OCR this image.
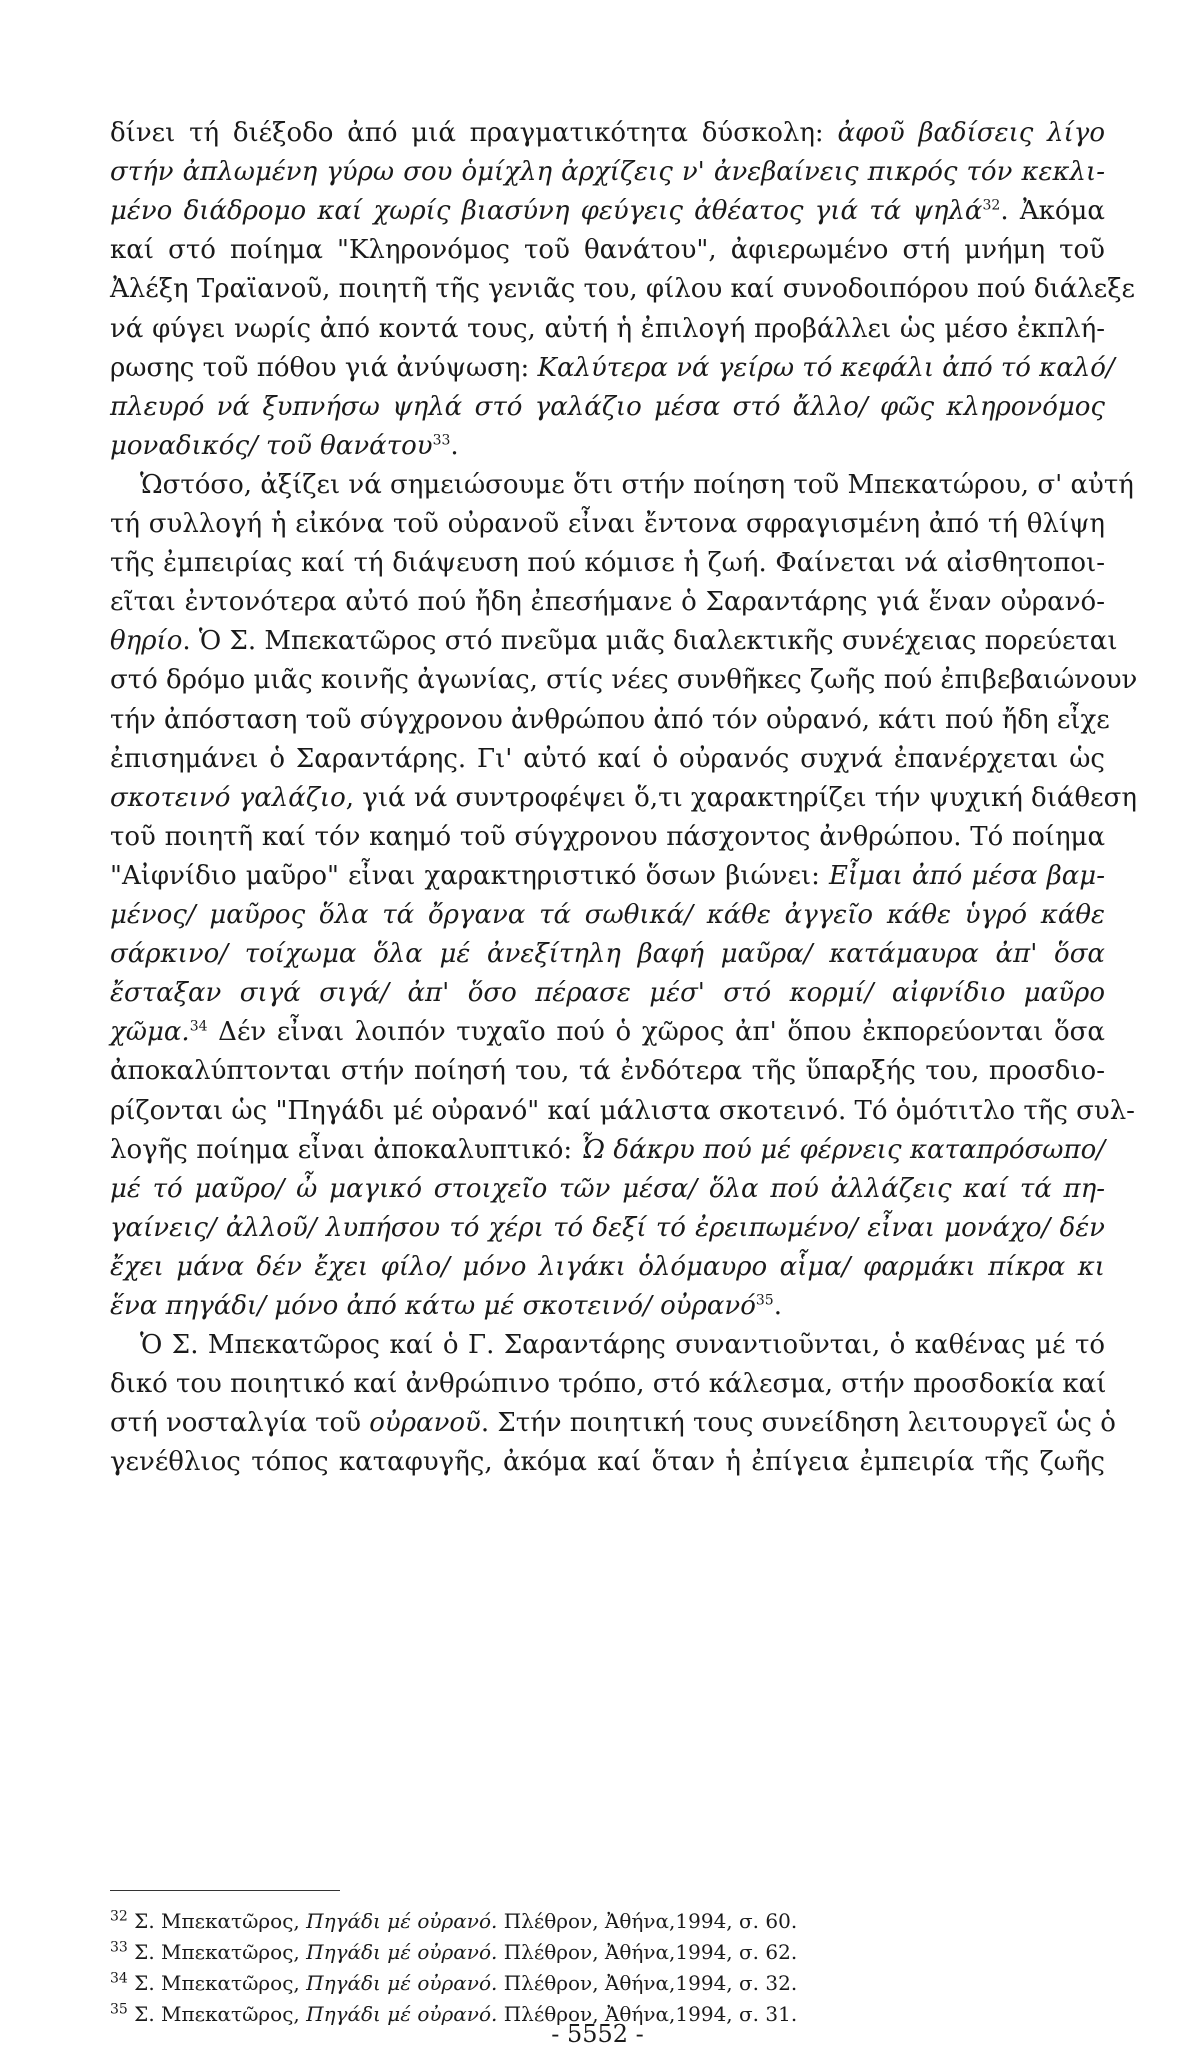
δίνει τή διέξοδο ἀπό μιά πραγματικότητα δύσκολη: ἀφοῦ βαδίσεις λίγο
στήν ἀπλωμένη γύρω σου ὁμίχλη ἀρχίζεις ν' ἀνεβαίνεις πικρός τόν κεκλι-
μένο διάδρομο καί χωρίς βιασύνη φεύγεις ἀθέατος γιά τά ψηλά$^{32}$. Ἀκόμα
καί στό ποίημα "Κληρονόμος τοῦ θανάτου", ἀφιερωμένο στή μνήμη τοῦ
Ἀλέξη Τραϊανοῦ, ποιητῆ τῆς γενιᾶς του, φίλου καί συνοδοιπόρου πού διάλεξε
νά φύγει νωρίς ἀπό κοντά τους, αὐτή ἡ ἐπιλογή προβάλλει ὡς μέσο ἐκπλή-
ρωσης τοῦ πόθου γιά ἀνύψωση: Καλύτερα νά γείρω τό κεφάλι ἀπό τό καλό/
πλευρό νά ξυπνήσω ψηλά στό γαλάζιο μέσα στό ἄλλο/ φῶς κληρονόμος
μοναδικός/ τοῦ θανάτου$^{33}$.
Ὡστόσο, ἀξίζει νά σημειώσουμε ὅτι στήν ποίηση τοῦ Μπεκατώρου, σ' αὐτή
τή συλλογή ἡ εἰκόνα τοῦ οὐρανοῦ εἶναι ἔντονα σφραγισμένη ἀπό τή θλίψη
τῆς ἐμπειρίας καί τή διάψευση πού κόμισε ἡ ζωή. Φαίνεται νά αἰσθητοποι-
εῖται ἐντονότερα αὐτό πού ἤδη ἐπεσήμανε ὁ Σαραντάρης γιά ἕναν οὐρανό-
θηρίο. Ὁ Σ. Μπεκατῶρος στό πνεῦμα μιᾶς διαλεκτικῆς συνέχειας πορεύεται
στό δρόμο μιᾶς κοινῆς ἀγωνίας, στίς νέες συνθῆκες ζωῆς πού ἐπιβεβαιώνουν
τήν ἀπόσταση τοῦ σύγχρονου ἀνθρώπου ἀπό τόν οὐρανό, κάτι πού ἤδη εἶχε
ἐπισημάνει ὁ Σαραντάρης. Γι' αὐτό καί ὁ οὐρανός συχνά ἐπανέρχεται ὡς
σκοτεινό γαλάζιο, γιά νά συντροφέψει ὅ,τι χαρακτηρίζει τήν ψυχική διάθεση
τοῦ ποιητῆ καί τόν καημό τοῦ σύγχρονου πάσχοντος ἀνθρώπου. Τό ποίημα
"Αἰφνίδιο μαῦρο" εἶναι χαρακτηριστικό ὅσων βιώνει: Εἶμαι ἀπό μέσα βαμ-
μένος/ μαῦρος ὅλα τά ὄργανα τά σωθικά/ κάθε ἀγγεῖο κάθε ὑγρό κάθε
σάρκινο/ τοίχωμα ὅλα μέ ἀνεξίτηλη βαφή μαῦρα/ κατάμαυρα ἀπ' ὅσα
ἔσταξαν σιγά σιγά/ ἀπ' ὅσο πέρασε μέσ' στό κορμί/ αἰφνίδιο μαῦρο
χῶμα.$^{34}$ Δέν εἶναι λοιπόν τυχαῖο πού ὁ χῶρος ἀπ' ὅπου ἐκπορεύονται ὅσα
ἀποκαλύπτονται στήν ποίησή του, τά ἐνδότερα τῆς ὕπαρξής του, προσδιο-
ρίζονται ὡς "Πηγάδι μέ οὐρανό" καί μάλιστα σκοτεινό. Τό ὁμότιτλο τῆς συλ-
λογῆς ποίημα εἶναι ἀποκαλυπτικό: Ὦ δάκρυ πού μέ φέρνεις καταπρόσωπο/
μέ τό μαῦρο/ ὦ μαγικό στοιχεῖο τῶν μέσα/ ὅλα πού ἀλλάζεις καί τά πη-
γαίνεις/ ἀλλοῦ/ λυπήσου τό χέρι τό δεξί τό ἐρειπωμένο/ εἶναι μονάχο/ δέν
ἔχει μάνα δέν ἔχει φίλο/ μόνο λιγάκι ὁλόμαυρο αἷμα/ φαρμάκι πίκρα κι
ἕνα πηγάδι/ μόνο ἀπό κάτω μέ σκοτεινό/ οὐρανό$^{35}$.
Ὁ Σ. Μπεκατῶρος καί ὁ Γ. Σαραντάρης συναντιοῦνται, ὁ καθένας μέ τό
δικό του ποιητικό καί ἀνθρώπινο τρόπο, στό κάλεσμα, στήν προσδοκία καί
στή νοσταλγία τοῦ οὐρανοῦ. Στήν ποιητική τους συνείδηση λειτουργεῖ ὡς ὁ
γενέθλιος τόπος καταφυγῆς, ἀκόμα καί ὅταν ἡ ἐπίγεια ἐμπειρία τῆς ζωῆς
$^{32}$ Σ. Μπεκατῶρος, Πηγάδι μέ οὐρανό. Πλέθρον, Ἀθήνα,1994, σ. 60.
$^{33}$ Σ. Μπεκατῶρος, Πηγάδι μέ οὐρανό. Πλέθρον, Ἀθήνα,1994, σ. 62.
$^{34}$ Σ. Μπεκατῶρος, Πηγάδι μέ οὐρανό. Πλέθρον, Ἀθήνα,1994, σ. 32.
$^{35}$ Σ. Μπεκατῶρος, Πηγάδι μέ οὐρανό. Πλέθρον, Ἀθήνα,1994, σ. 31.
- 5552 -
